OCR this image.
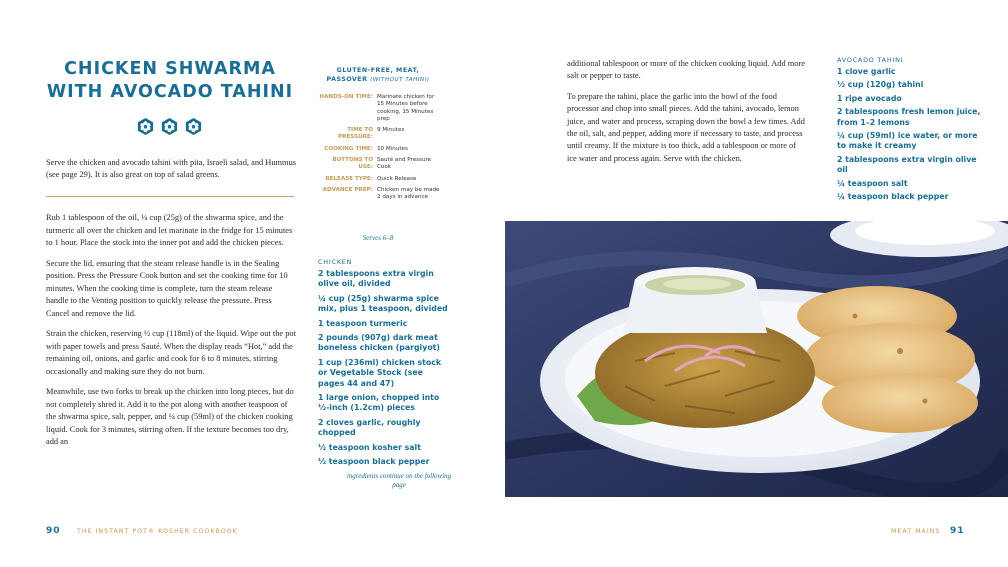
CHICKEN SHWARMA
WITH AVOCADO TAHINI

Serve the chicken and avocado tahini with pita, Israeli salad, and Hummus (see page 29). It is also great on top of salad greens.

Rub 1 tablespoon of the oil, ¼ cup (25g) of the shwarma spice, and the turmeric all over the chicken and let marinate in the fridge for 15 minutes to 1 hour. Place the stock into the inner pot and add the chicken pieces.

Secure the lid, ensuring that the steam release handle is in the Sealing position. Press the Pressure Cook button and set the cooking time for 10 minutes. When the cooking time is complete, turn the steam release handle to the Venting position to quickly release the pressure. Press Cancel and remove the lid.

Strain the chicken, reserving ½ cup (118ml) of the liquid. Wipe out the pot with paper towels and press Sauté. When the display reads “Hot,” add the remaining oil, onions, and garlic and cook for 6 to 8 minutes, stirring occasionally and making sure they do not burn.

Meanwhile, use two forks to break up the chicken into long pieces, but do not completely shred it. Add it to the pot along with another teaspoon of the shwarma spice, salt, pepper, and ¼ cup (59ml) of the chicken cooking liquid. Cook for 3 minutes, stirring often. If the texture becomes too dry, add an

GLUTEN-FREE, MEAT,
PASSOVER (WITHOUT TAHINI)
HANDS-ON TIME: Marinate chicken for 15 Minutes before cooking, 15 Minutes prep
TIME TO PRESSURE:
9 Minutes
COOKING TIME: 10 Minutes
BUTTONS TO USE:
Sauté and Pressure Cook
RELEASE TYPE: Quick Release
ADVANCE PREP: Chicken may be made 2 days in advance
Serves 6–8
CHICKEN
2 tablespoons extra virgin olive oil, divided
¼ cup (25g) shwarma spice mix, plus 1 teaspoon, divided
1 teaspoon turmeric
2 pounds (907g) dark meat boneless chicken (pargiyot)
1 cup (236ml) chicken stock or Vegetable Stock (see pages 44 and 47)
1 large onion, chopped into ½-inch (1.2cm) pieces
2 cloves garlic, roughly chopped
½ teaspoon kosher salt
½ teaspoon black pepper
ingredients continue on the following page

additional tablespoon or more of the chicken cooking liquid. Add more salt or pepper to taste.

To prepare the tahini, place the garlic into the bowl of the food processor and chop into small pieces. Add the tahini, avocado, lemon juice, and water and process, scraping down the bowl a few times. Add the oil, salt, and pepper, adding more if necessary to taste, and process until creamy. If the mixture is too thick, add a tablespoon or more of ice water and process again. Serve with the chicken.

AVOCADO TAHINI
1 clove garlic
½ cup (120g) tahini
1 ripe avocado
2 tablespoons fresh lemon juice, from 1–2 lemons
¼ cup (59ml) ice water, or more to make it creamy
2 tablespoons extra virgin olive oil
¼ teaspoon salt
¼ teaspoon black pepper
90	THE INSTANT POT® KOSHER COOKBOOK	MEAT MAINS 91
